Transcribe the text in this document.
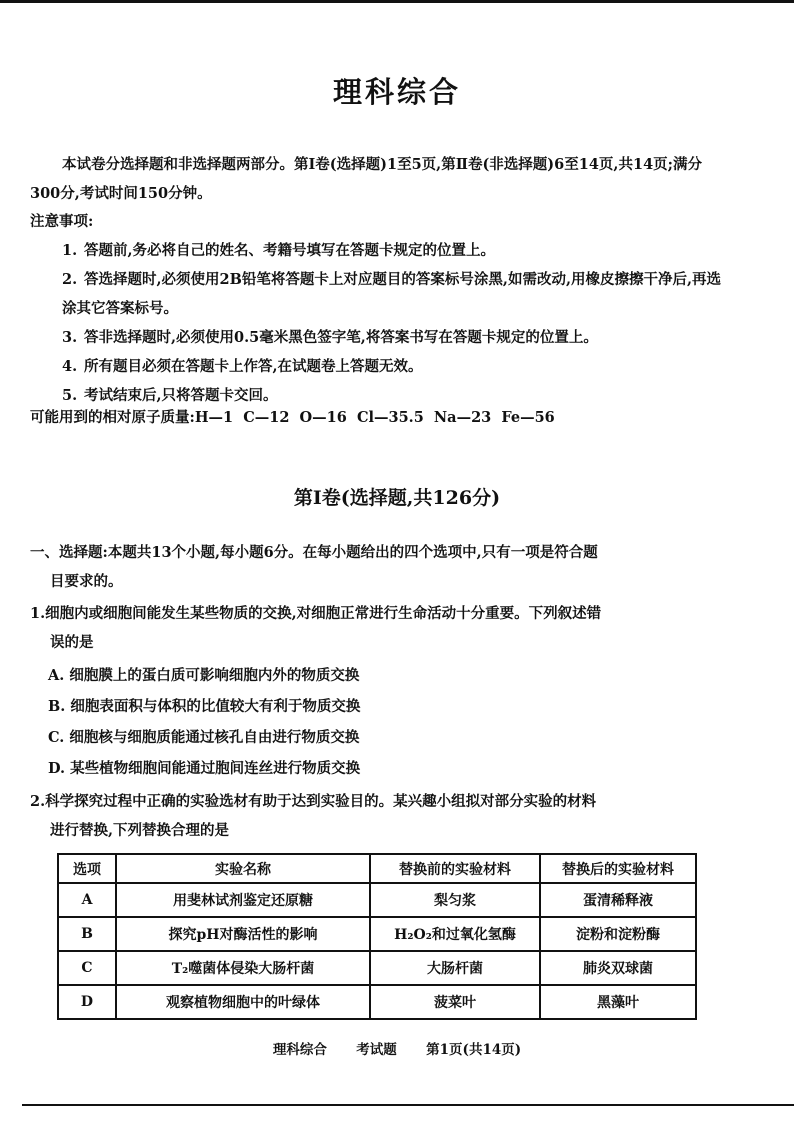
理科综合

本试卷分选择题和非选择题两部分。第Ⅰ卷(选择题)1至5页,第Ⅱ卷(非选择题)6至14页,共14页;满分300分,考试时间150分钟。

注意事项:

1. 答题前,务必将自己的姓名、考籍号填写在答题卡规定的位置上。
2. 答选择题时,必须使用2B铅笔将答题卡上对应题目的答案标号涂黑,如需改动,用橡皮擦擦干净后,再选涂其它答案标号。
3. 答非选择题时,必须使用0.5毫米黑色签字笔,将答案书写在答题卡规定的位置上。
4. 所有题目必须在答题卡上作答,在试题卷上答题无效。
5. 考试结束后,只将答题卡交回。

可能用到的相对原子质量:H—1  C—12  O—16  Cl—35.5  Na—23  Fe—56

第Ⅰ卷(选择题,共126分)
一、选择题:本题共13个小题,每小题6分。在每小题给出的四个选项中,只有一项是符合题
目要求的。
1.细胞内或细胞间能发生某些物质的交换,对细胞正常进行生命活动十分重要。下列叙述错
误的是
A. 细胞膜上的蛋白质可影响细胞内外的物质交换
B. 细胞表面积与体积的比值较大有利于物质交换
C. 细胞核与细胞质能通过核孔自由进行物质交换
D. 某些植物细胞间能通过胞间连丝进行物质交换
2.科学探究过程中正确的实验选材有助于达到实验目的。某兴趣小组拟对部分实验的材料
进行替换,下列替换合理的是
选项	实验名称	替换前的实验材料	替换后的实验材料
A	用斐林试剂鉴定还原糖	梨匀浆	蛋清稀释液
B	探究pH对酶活性的影响	H₂O₂和过氧化氢酶	淀粉和淀粉酶
C	T₂噬菌体侵染大肠杆菌	大肠杆菌	肺炎双球菌
D	观察植物细胞中的叶绿体	菠菜叶	黑藻叶
理科综合  考试题  第1页(共14页)
